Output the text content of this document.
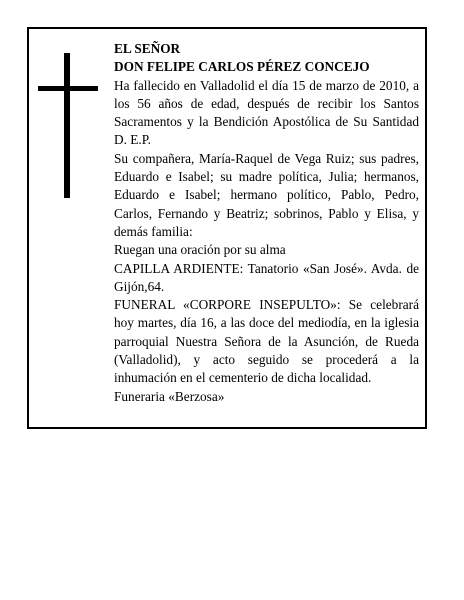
EL SEÑOR

DON FELIPE CARLOS PÉREZ CONCEJO

Ha fallecido en Valladolid el día 15 de marzo de 2010, a los 56 años de edad, después de recibir los Santos Sacramentos y la Bendición Apostólica de Su Santidad D. E.P.

Su compañera, María-Raquel de Vega Ruiz; sus padres, Eduardo e Isabel; su madre política, Julia; hermanos, Eduardo e Isabel; hermano político, Pablo, Pedro, Carlos, Fernando y Beatriz; sobrinos, Pablo y Elisa, y demás familia:

Ruegan una oración por su alma

CAPILLA ARDIENTE: Tanatorio «San José». Avda. de Gijón,64.

FUNERAL «CORPORE INSEPULTO»: Se celebrará hoy martes, día 16, a las doce del mediodía, en la iglesia parroquial Nuestra Señora de la Asunción, de Rueda (Valladolid), y acto seguido se procederá a la inhumación en el cementerio de dicha localidad.

Funeraria «Berzosa»
